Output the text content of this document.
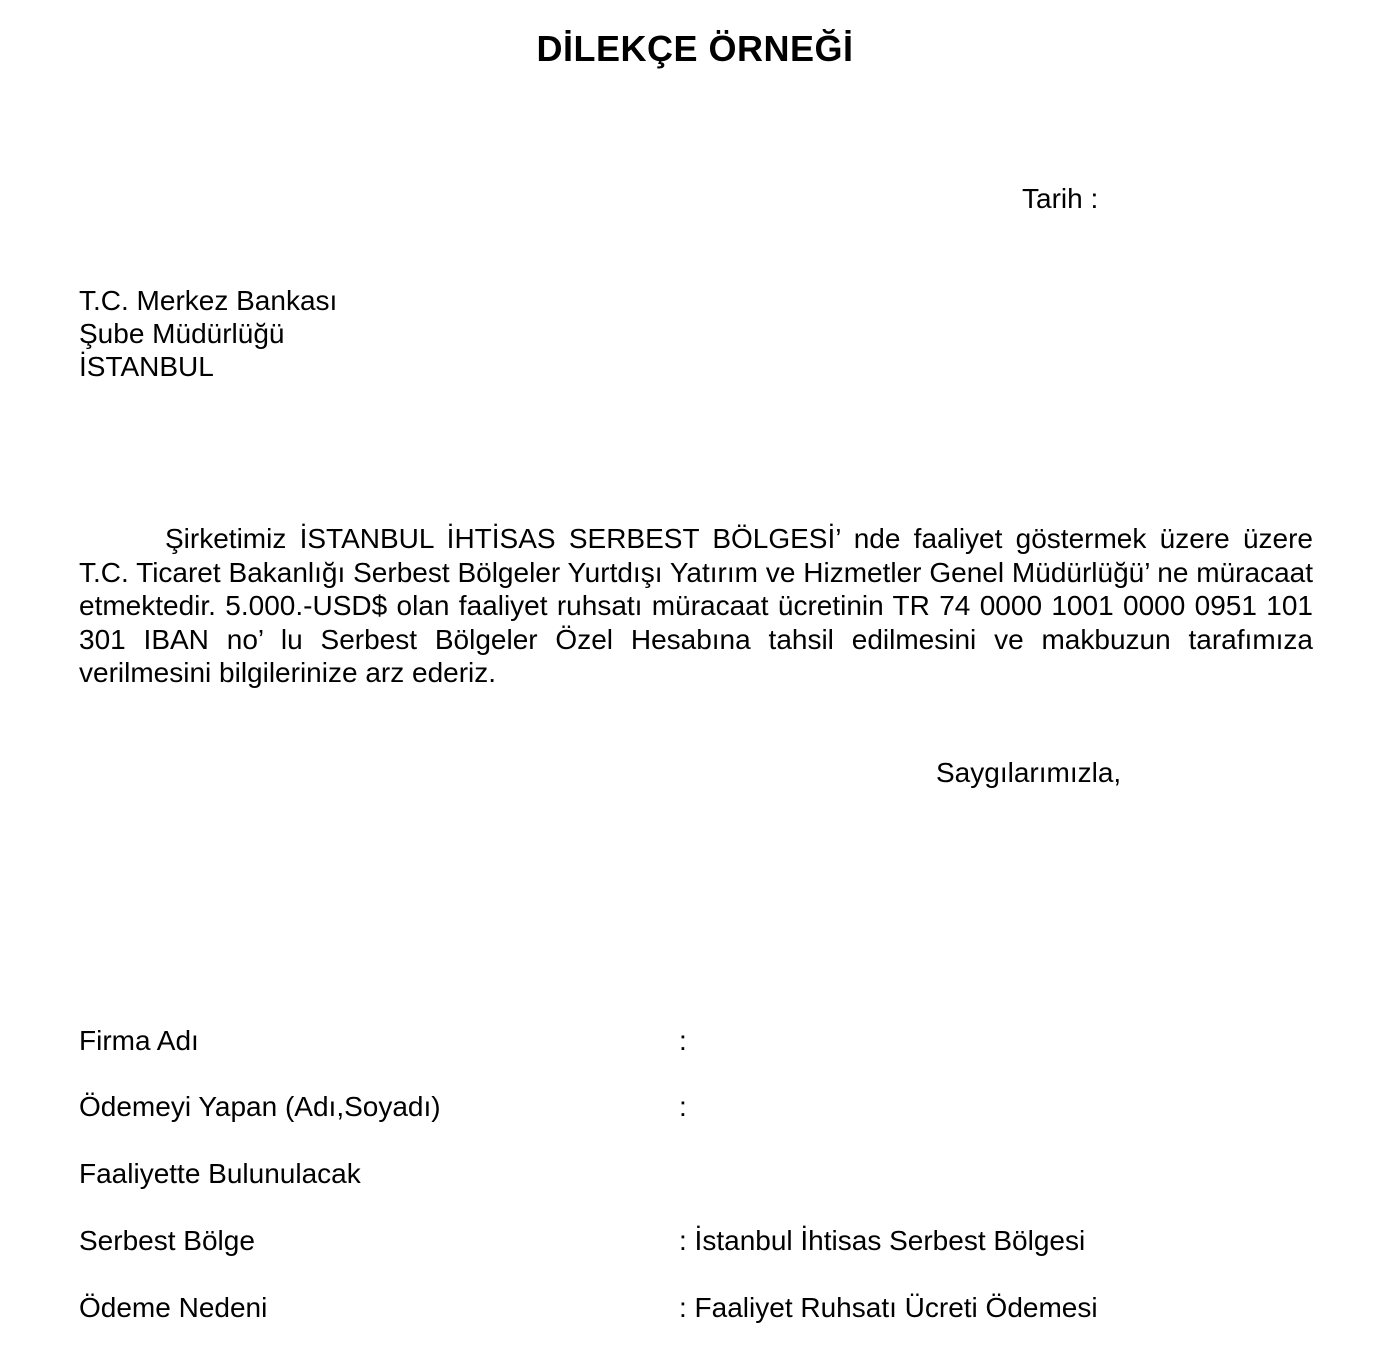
DİLEKÇE ÖRNEĞİ
Tarih :
T.C. Merkez Bankası
Şube Müdürlüğü
İSTANBUL

Şirketimiz İSTANBUL İHTİSAS SERBEST BÖLGESİ’ nde faaliyet göstermek üzere üzere T.C. Ticaret Bakanlığı Serbest Bölgeler Yurtdışı Yatırım ve Hizmetler Genel Müdürlüğü’ ne müracaat etmektedir. 5.000.-USD$ olan faaliyet ruhsatı müracaat ücretinin TR 74 0000 1001 0000 0951 101 301 IBAN no’ lu Serbest Bölgeler Özel Hesabına tahsil edilmesini ve makbuzun tarafımıza verilmesini bilgilerinize arz ederiz.

Saygılarımızla,
Firma Adı	:
Ödemeyi Yapan (Adı,Soyadı)	:
Faaliyette Bulunulacak
Serbest Bölge	: İstanbul İhtisas Serbest Bölgesi
Ödeme Nedeni	: Faaliyet Ruhsatı Ücreti Ödemesi
